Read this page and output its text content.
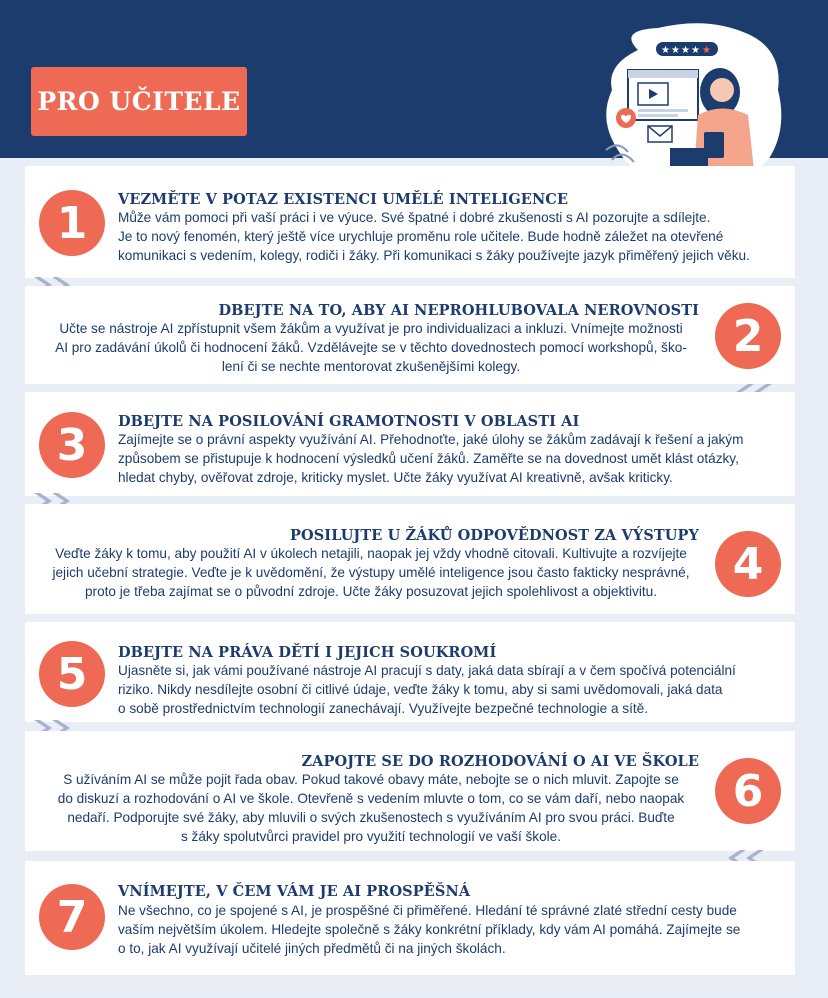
PRO UČITELE
★ ★ ★ ★ ★
1	VEZMĚTE V POTAZ EXISTENCI UMĚLÉ INTELIGENCE
Může vám pomoci při vaší práci i ve výuce. Své špatné i dobré zkušenosti s AI pozorujte a sdílejte.
Je to nový fenomén, který ještě více urychluje proměnu role učitele. Bude hodně záležet na otevřené
komunikaci s vedením, kolegy, rodiči i žáky. Při komunikaci s žáky používejte jazyk přiměřený jejich věku.
2
DBEJTE NA TO, ABY AI NEPROHLUBOVALA NEROVNOSTI
Učte se nástroje AI zpřístupnit všem žákům a využívat je pro individualizaci a inkluzi. Vnímejte možnosti
AI pro zadávání úkolů či hodnocení žáků. Vzdělávejte se v těchto dovednostech pomocí workshopů, ško-
lení či se nechte mentorovat zkušenějšími kolegy.
3	DBEJTE NA POSILOVÁNÍ GRAMOTNOSTI V OBLASTI AI
Zajímejte se o právní aspekty využívání AI. Přehodnoťte, jaké úlohy se žákům zadávají k řešení a jakým
způsobem se přistupuje k hodnocení výsledků učení žáků. Zaměřte se na dovednost umět klást otázky,
hledat chyby, ověřovat zdroje, kriticky myslet. Učte žáky využívat AI kreativně, avšak kriticky.
4
POSILUJTE U ŽÁKŮ ODPOVĚDNOST ZA VÝSTUPY
Veďte žáky k tomu, aby použití AI v úkolech netajili, naopak jej vždy vhodně citovali. Kultivujte a rozvíjejte
jejich učební strategie. Veďte je k uvědomění, že výstupy umělé inteligence jsou často fakticky nesprávné,
proto je třeba zajímat se o původní zdroje. Učte žáky posuzovat jejich spolehlivost a objektivitu.
5	DBEJTE NA PRÁVA DĚTÍ I JEJICH SOUKROMÍ
Ujasněte si, jak vámi používané nástroje AI pracují s daty, jaká data sbírají a v čem spočívá potenciální
riziko. Nikdy nesdílejte osobní či citlivé údaje, veďte žáky k tomu, aby si sami uvědomovali, jaká data
o sobě prostřednictvím technologií zanechávají. Využívejte bezpečné technologie a sítě.
6
ZAPOJTE SE DO ROZHODOVÁNÍ O AI VE ŠKOLE
S užíváním AI se může pojit řada obav. Pokud takové obavy máte, nebojte se o nich mluvit. Zapojte se
do diskuzí a rozhodování o AI ve škole. Otevřeně s vedením mluvte o tom, co se vám daří, nebo naopak
nedaří. Podporujte své žáky, aby mluvili o svých zkušenostech s využíváním AI pro svou práci. Buďte
s žáky spolutvůrci pravidel pro využití technologií ve vaší škole.
7	VNÍMEJTE, V ČEM VÁM JE AI PROSPĚŠNÁ
Ne všechno, co je spojené s AI, je prospěšné či přiměřené. Hledání té správné zlaté střední cesty bude
vaším největším úkolem. Hledejte společně s žáky konkrétní příklady, kdy vám AI pomáhá. Zajímejte se
o to, jak AI využívají učitelé jiných předmětů či na jiných školách.
